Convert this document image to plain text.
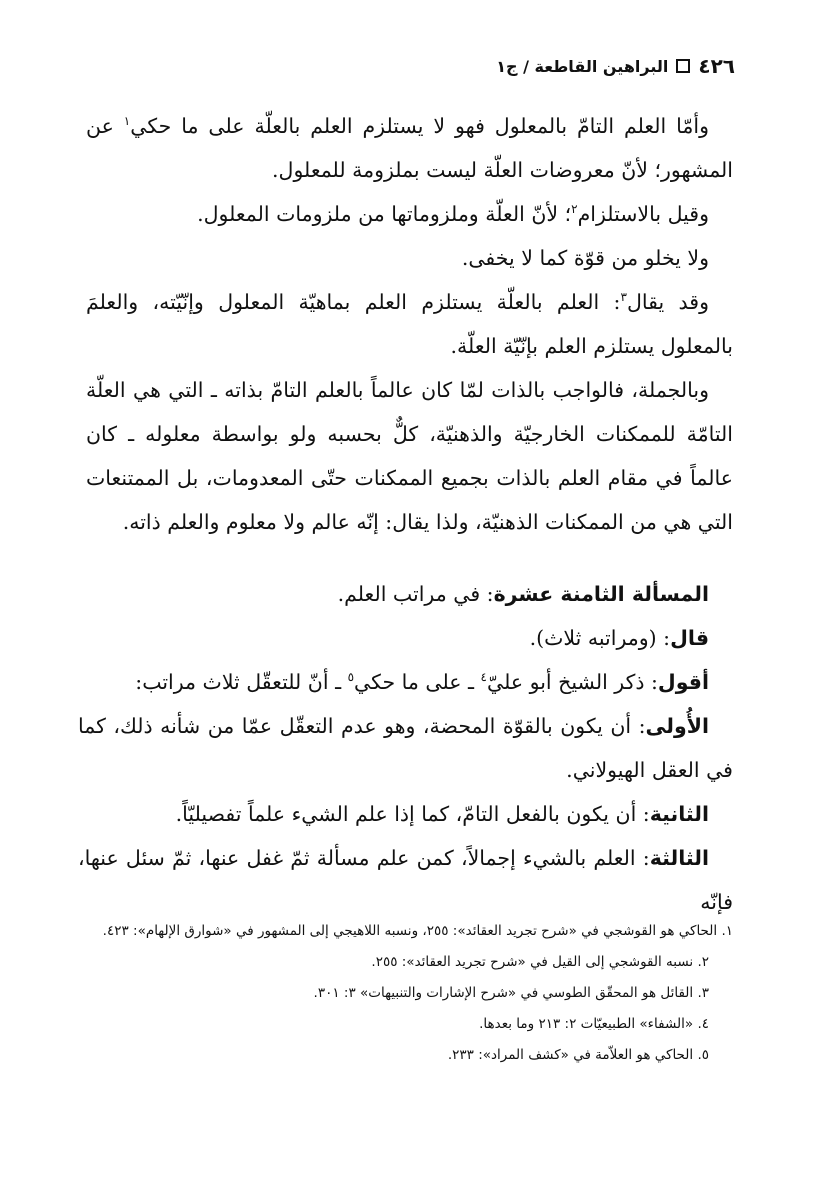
٤٢٦
البراهين القاطعة / ج١

وأمّا العلم التامّ بالمعلول فهو لا يستلزم العلم بالعلّة على ما حكي$^١$ عن المشهور؛ لأنّ معروضات العلّة ليست بملزومة للمعلول.

وقيل بالاستلزام$^٢$؛ لأنّ العلّة وملزوماتها من ملزومات المعلول.

ولا يخلو من قوّة كما لا يخفى.

وقد يقال$^٣$: العلم بالعلّة يستلزم العلم بماهيّة المعلول وإنّيّته، والعلمَ بالمعلول يستلزم العلم بإنّيّة العلّة.

وبالجملة، فالواجب بالذات لمّا كان عالماً بالعلم التامّ بذاته ـ التي هي العلّة التامّة للممكنات الخارجيّة والذهنيّة، كلٌّ بحسبه ولو بواسطة معلوله ـ كان عالماً في مقام العلم بالذات بجميع الممكنات حتّى المعدومات، بل الممتنعات التي هي من الممكنات الذهنيّة، ولذا يقال: إنّه عالم ولا معلوم والعلم ذاته.

المسألة الثامنة عشرة: في مراتب العلم.

قال: (ومراتبه ثلاث).

أقول: ذكر الشيخ أبو عليّ$^٤$ ـ على ما حكي$^٥$ ـ أنّ للتعقّل ثلاث مراتب:

الأُولى: أن يكون بالقوّة المحضة، وهو عدم التعقّل عمّا من شأنه ذلك، كما في العقل الهيولاني.

الثانية: أن يكون بالفعل التامّ، كما إذا علم الشيء علماً تفصيليّاً.

الثالثة: العلم بالشيء إجمالاً، كمن علم مسألة ثمّ غفل عنها، ثمّ سئل عنها، فإنّه

١. الحاكي هو القوشجي في «شرح تجريد العقائد»: ٢٥٥، ونسبه اللاهيجي إلى المشهور في «شوارق الإلهام»: ٤٢٣.

٢. نسبه القوشجي إلى القيل في «شرح تجريد العقائد»: ٢٥٥.

٣. القائل هو المحقّق الطوسي في «شرح الإشارات والتنبيهات» ٣: ٣٠١.

٤. «الشفاء» الطبيعيّات ٢: ٢١٣ وما بعدها.

٥. الحاكي هو العلاّمة في «كشف المراد»: ٢٣٣.
